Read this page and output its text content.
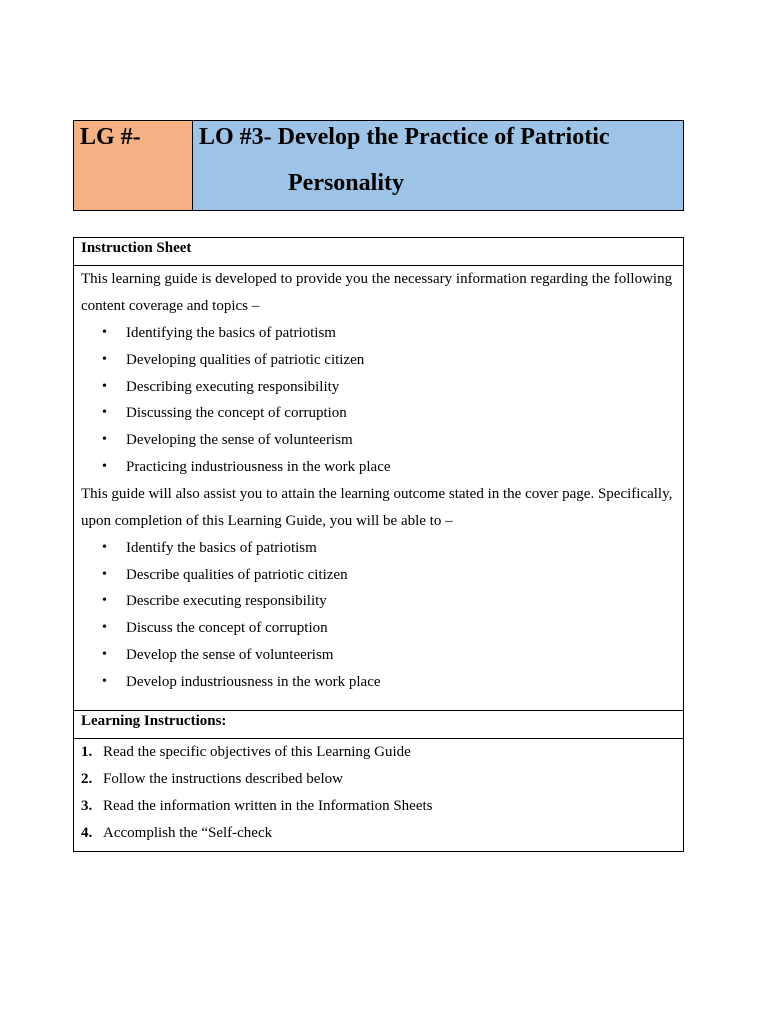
LG #-	LO #3- Develop the Practice of Patriotic
Personality
Instruction Sheet

This learning guide is developed to provide you the necessary information regarding the following content coverage and topics –

• Identifying the basics of patriotism
• Developing qualities of patriotic citizen
• Describing executing responsibility
• Discussing the concept of corruption
• Developing the sense of volunteerism
• Practicing industriousness in the work place

This guide will also assist you to attain the learning outcome stated in the cover page. Specifically, upon completion of this Learning Guide, you will be able to –

• Identify the basics of patriotism
• Describe qualities of patriotic citizen
• Describe executing responsibility
• Discuss the concept of corruption
• Develop the sense of volunteerism
• Develop industriousness in the work place
Learning Instructions:
1. Read the specific objectives of this Learning Guide
2. Follow the instructions described below
3. Read the information written in the Information Sheets
4. Accomplish the “Self-check
